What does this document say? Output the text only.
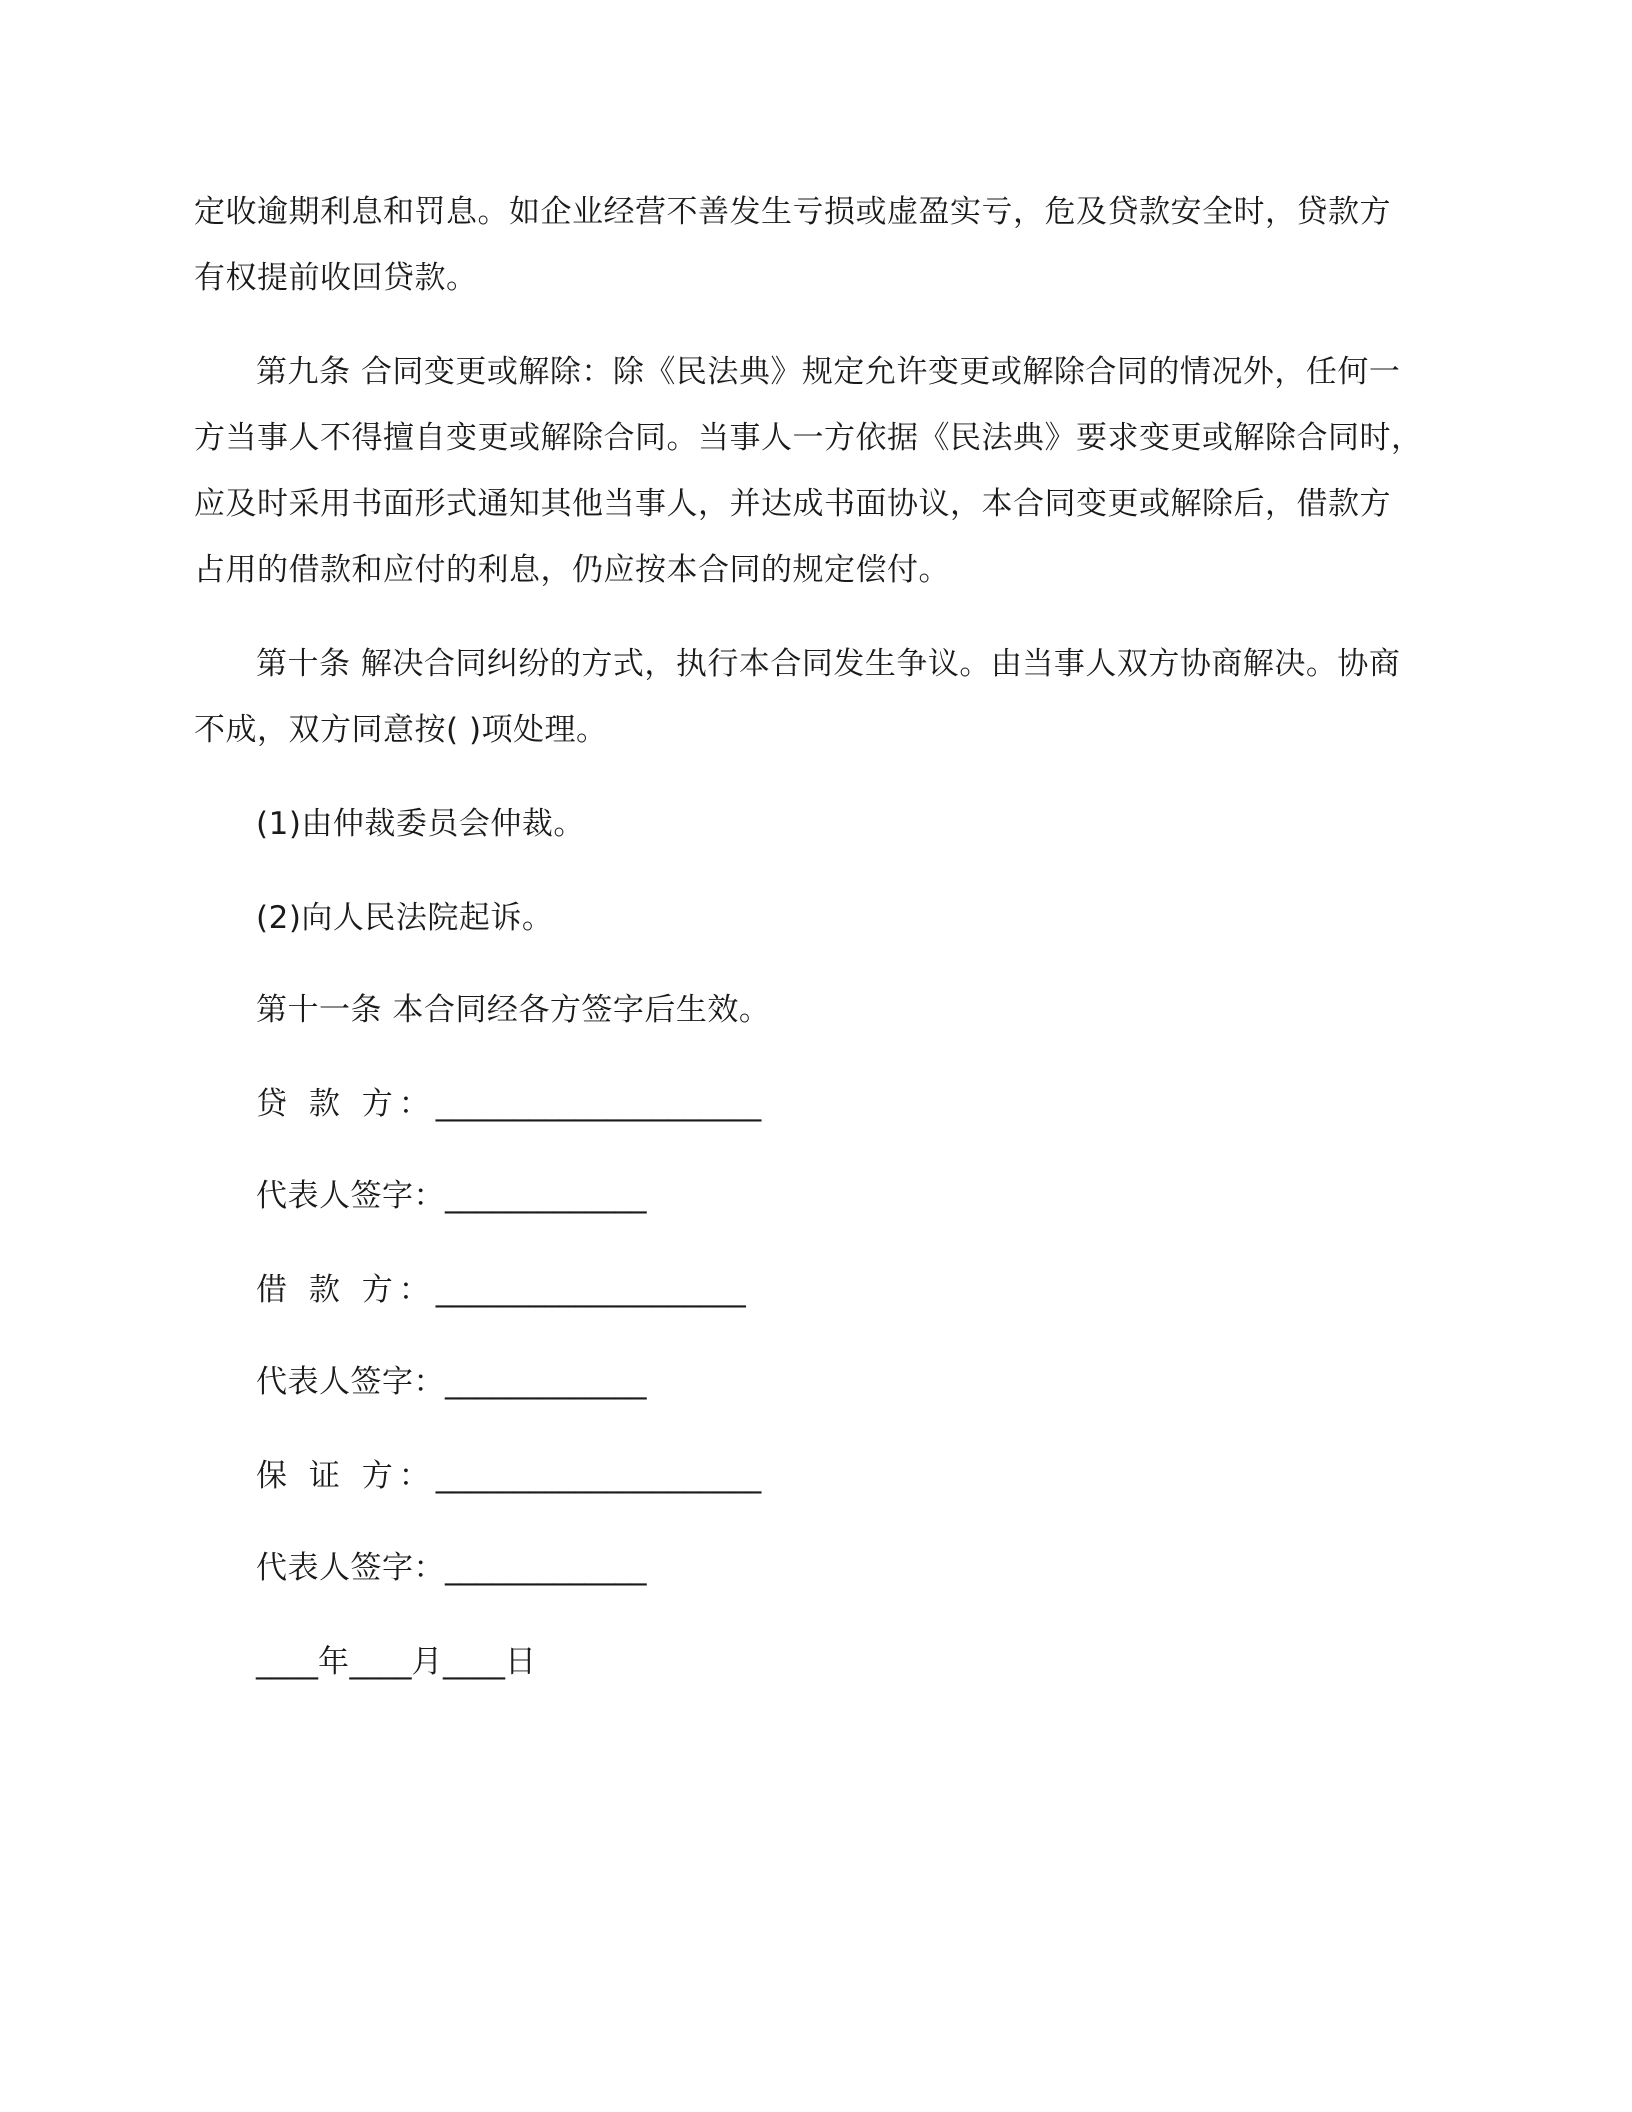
定收逾期利息和罚息。如企业经营不善发生亏损或虚盈实亏，危及贷款安全时，贷款方
有权提前收回贷款。
第九条 合同变更或解除：除《民法典》规定允许变更或解除合同的情况外，任何一
方当事人不得擅自变更或解除合同。当事人一方依据《民法典》要求变更或解除合同时，
应及时采用书面形式通知其他当事人，并达成书面协议，本合同变更或解除后，借款方
占用的借款和应付的利息，仍应按本合同的规定偿付。
第十条 解决合同纠纷的方式，执行本合同发生争议。由当事人双方协商解决。协商
不成，双方同意按( )项处理。
(1)由仲裁委员会仲裁。
(2)向人民法院起诉。
第十一条 本合同经各方签字后生效。
贷 款 方：_____________________
代表人签字：_____________
借 款 方：____________________
代表人签字：_____________
保 证 方：_____________________
代表人签字：_____________
____年____月____日
